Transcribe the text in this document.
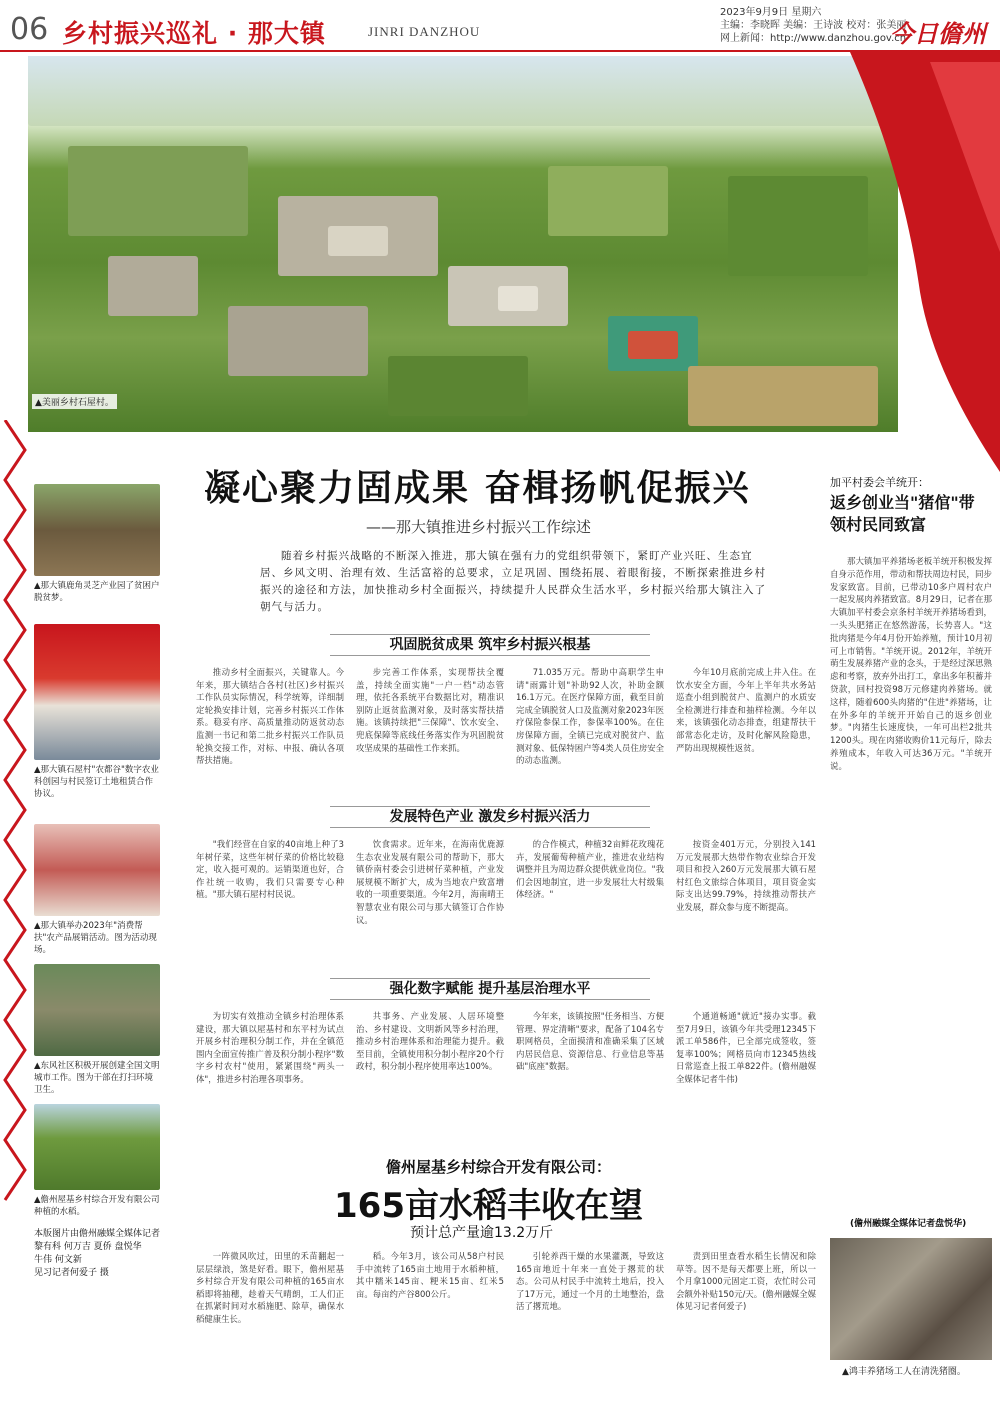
06 乡村振兴巡礼 · 那大镇	JINRI DANZHOU
2023年9月9日 星期六
主编：李晓晖 美编：王诗波 校对：张美丽
网上新闻：http://www.danzhou.gov.cn
今日儋州
▲美丽乡村石屋村。
凝心聚力固成果 奋楫扬帆促振兴
——那大镇推进乡村振兴工作综述
随着乡村振兴战略的不断深入推进，那大镇在强有力的党组织带领下，紧盯产业兴旺、生态宜居、乡风文明、治理有效、生活富裕的总要求，立足巩固、围绕拓展、着眼衔接，不断探索推进乡村振兴的途径和方法，加快推动乡村全面振兴，持续提升人民群众生活水平，乡村振兴给那大镇注入了朝气与活力。
巩固脱贫成果 筑牢乡村振兴根基
推动乡村全面振兴，关键靠人。今年来，那大镇结合各村(社区)乡村振兴工作队员实际情况，科学统筹，详细制定轮换安排计划，完善乡村振兴工作体系。稳妥有序、高质量推动防返贫动态监测一书记和第二批乡村振兴工作队员轮换交接工作，对标、申报、确认各项帮扶措施。
步完善工作体系，实现帮扶全覆盖，持续全面实施"一户一档"动态管理，依托各系统平台数据比对，精准识别防止返贫监测对象，及时落实帮扶措施。该镇持续把"三保障"、饮水安全、兜底保障等底线任务落实作为巩固脱贫攻坚成果的基础性工作来抓。
71.035万元。帮助中高职学生申请"雨露计划"补助92人次，补助金额16.1万元。在医疗保障方面，截至目前完成全镇脱贫人口及监测对象2023年医疗保险参保工作，参保率100%。在住房保障方面，全镇已完成对脱贫户、监测对象、低保特困户等4类人员住房安全的动态监测。
今年10月底前完成上井入住。在饮水安全方面，今年上半年共水务站巡查小组到脱贫户、监测户的水质安全检测进行排查和抽样检测。今年以来，该镇强化动态排查，组建帮扶干部常态化走访，及时化解风险隐患，严防出现规模性返贫。
发展特色产业 激发乡村振兴活力
"我们经营在自家的40亩地上种了3年树仔菜，这些年树仔菜的价格比较稳定，收入挺可观的。运销渠道也好，合作社统一收购，我们只需要专心种植。"那大镇石屋村村民说。
饮食需求。近年来，在海南优鹿源生态农业发展有限公司的帮助下，那大镇侨南村委会引进树仔菜种植，产业发展规模不断扩大，成为当地农户致富增收的一项重要渠道。今年2月，海南晴王智慧农业有限公司与那大镇签订合作协议。
的合作模式，种植32亩鲜花玫瑰花卉，发展葡萄种植产业，推进农业结构调整并且为周边群众提供就业岗位。"我们会因地制宜，进一步发展壮大村级集体经济。"
按资金401万元，分别投入141万元发展那大热带作物农业综合开发项目和投入260万元发展那大镇石屋村红色文旅综合体项目，项目资金实际支出达99.79%，持续推动帮扶产业发展，群众参与度不断提高。
强化数字赋能 提升基层治理水平
为切实有效推动全镇乡村治理体系建设，那大镇以屋基村和东平村为试点开展乡村治理积分制工作，并在全镇范围内全面宣传推广普及积分制小程序"数字乡村农村"使用，紧紧围绕"两头一体"，推进乡村治理各项事务。
共事务、产业发展、人居环境整治、乡村建设、文明新风等乡村治理，推动乡村治理体系和治理能力提升。截至目前，全镇使用积分制小程序20个行政村，积分制小程序使用率达100%。
今年来，该镇按照"任务相当、方便管理、界定清晰"要求，配备了104名专职网格员，全面摸清和准确采集了区域内居民信息、资源信息、行业信息等基础"底座"数据。
个通道畅通"就近"接办实事。截至7月9日，该镇今年共受理12345下派工单586件，已全部完成签收，签复率100%；网格员向市12345热线日常巡查上报工单822件。(儋州融媒全媒体记者牛伟)
▲那大镇鹿角灵芝产业园了贫困户脱贫梦。
▲那大镇石屋村"农都谷"数字农业科创园与村民签订土地租赁合作协议。
▲那大镇举办2023年"消费帮扶"农产品展销活动。图为活动现场。
▲东风社区积极开展创建全国文明城市工作。图为干部在打扫环境卫生。
▲儋州屋基乡村综合开发有限公司种植的水稻。
本版图片由儋州融媒全媒体记者
黎有科 何万吉 夏侨 盘悦华
牛伟 何文新
见习记者何爱子 摄
加平村委会羊统开：
返乡创业当"猪倌"带领村民同致富
那大镇加平养猪场老板羊统开积极发挥自身示范作用，带动和帮扶周边村民，同步发家致富。目前，已带动10多户周村农户一起发展肉养猪致富。8月29日，记者在那大镇加平村委会京条村羊统开养猪场看到，一头头肥猪正在悠然游荡，长势喜人。"这批肉猪是今年4月份开始养殖，预计10月初可上市销售。"羊统开说。2012年，羊统开萌生发展养猪产业的念头，于是经过深思熟虑和考察，放弃外出打工，拿出多年积蓄并贷款，回村投资98万元修建肉养猪场。就这样，随着600头肉猪的"住进"养猪场，让在外多年的羊统开开始自己的返乡创业梦。"肉猪生长速度快，一年可出栏2批共1200头。现在肉猪收购价11元每斤，除去养殖成本，年收入可达36万元。"羊统开说。
(儋州融媒全媒体记者盘悦华)
▲鸿丰养猪场工人在清洗猪圈。
儋州屋基乡村综合开发有限公司：
165亩水稻丰收在望
预计总产量逾13.2万斤
一阵微风吹过，田里的禾苗翻起一层层绿浪，煞是好看。眼下，儋州屋基乡村综合开发有限公司种植的165亩水稻即将抽穗，趁着天气晴朗，工人们正在抓紧时间对水稻施肥、除草，确保水稻健康生长。
稻。今年3月，该公司从58户村民手中流转了165亩土地用于水稻种植，其中糯米145亩、粳米15亩、红米5亩。每亩约产谷800公斤。
引轮养西干燥的水果灌溉，导致这165亩地近十年来一直处于撂荒的状态。公司从村民手中流转土地后，投入了17万元，通过一个月的土地整治，盘活了撂荒地。
责到田里查看水稻生长情况和除草等。因不是每天都要上班，所以一个月拿1000元固定工资，农忙时公司会额外补贴150元/天。(儋州融媒全媒体见习记者何爱子)
